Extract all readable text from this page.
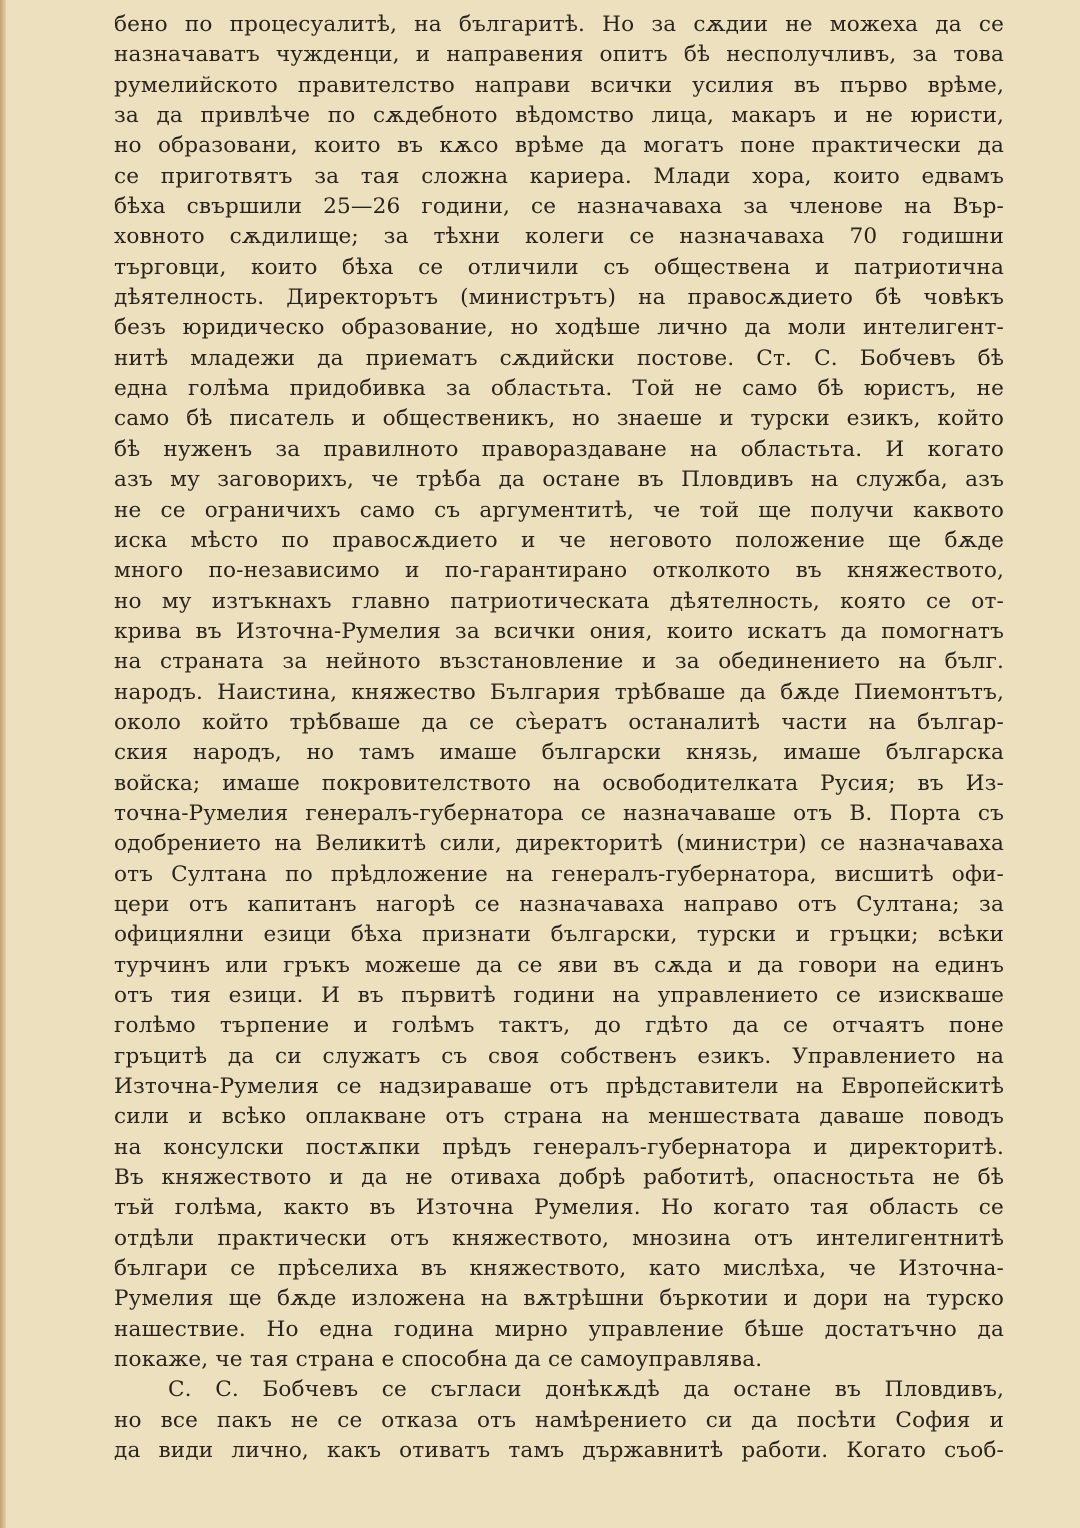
бено по процесуалитѣ, на българитѣ. Но за сѫдии не можеха да се
назначаватъ чужденци, и направения опитъ бѣ несполучливъ, за това
румелийското правителство направи всички усилия въ първо врѣме,
за да привлѣче по сѫдебното вѣдомство лица, макаръ и не юристи,
но образовани, които въ кѫсо врѣме да могатъ поне практически да
се приготвятъ за тая сложна кариера. Млади хора, които едвамъ
бѣха свършили 25—26 години, се назначаваха за членове на Вър-
ховното сѫдилище; за тѣхни колеги се назначаваха 70 годишни
търговци, които бѣха се отличили съ обществена и патриотична
дѣятелность. Директорътъ (министрътъ) на правосѫдието бѣ човѣкъ
безъ юридическо образование, но ходѣше лично да моли интелигент-
нитѣ младежи да приематъ сѫдийски постове. Ст. С. Бобчевъ бѣ
една голѣма придобивка за областьта. Той не само бѣ юристъ, не
само бѣ писатель и общественикъ, но знаеше и турски езикъ, който
бѣ нуженъ за правилното правораздаване на областьта. И когато
азъ му заговорихъ, че трѣба да остане въ Пловдивъ на служба, азъ
не се ограничихъ само съ аргументитѣ, че той ще получи каквото
иска мѣсто по правосѫдието и че неговото положение ще бѫде
много по-независимо и по-гарантирано отколкото въ княжеството,
но му изтъкнахъ главно патриотическата дѣятелность, която се от-
крива въ Източна-Румелия за всички ония, които искатъ да помогнатъ
на страната за нейното възстановление и за обединението на бълг.
народъ. Наистина, княжество България трѣбваше да бѫде Пиемонтътъ,
около който трѣбваше да се съ̀ератъ останалитѣ части на българ-
ския народъ, но тамъ имаше български князь, имаше българска
войска; имаше покровителството на освободителката Русия; въ Из-
точна-Румелия генералъ-губернатора се назначаваше отъ В. Порта съ
одобрението на Великитѣ сили, директоритѣ (министри) се назначаваха
отъ Султана по прѣдложение на генералъ-губернатора, висшитѣ офи-
цери отъ капитанъ нагорѣ се назначаваха направо отъ Султана; за
официялни езици бѣха признати български, турски и гръцки; всѣки
турчинъ или гръкъ можеше да се яви въ сѫда и да говори на единъ
отъ тия езици. И въ първитѣ години на управлението се изискваше
голѣмо търпение и голѣмъ тактъ, до гдѣто да се отчаятъ поне
гръцитѣ да си служатъ съ своя собственъ езикъ. Управлението на
Източна-Румелия се надзираваше отъ прѣдставители на Европейскитѣ
сили и всѣко оплакване отъ страна на меншествата даваше поводъ
на консулски постѫпки прѣдъ генералъ-губернатора и директоритѣ.
Въ княжеството и да не отиваха добрѣ работитѣ, опасностьта не бѣ
тъй голѣма, както въ Източна Румелия. Но когато тая область се
отдѣли практически отъ княжеството, мнозина отъ интелигентнитѣ
българи се прѣселиха въ княжеството, като мислѣха, че Източна-
Румелия ще бѫде изложена на вѫтрѣшни бъркотии и дори на турско
нашествие. Но една година мирно управление бѣше достатъчно да
покаже, че тая страна е способна да се самоуправлява.
С. С. Бобчевъ се съгласи донѣкѫдѣ да остане въ Пловдивъ,
но все пакъ не се отказа отъ намѣрението си да посѣти София и
да види лично, какъ отиватъ тамъ държавнитѣ работи. Когато съоб-
